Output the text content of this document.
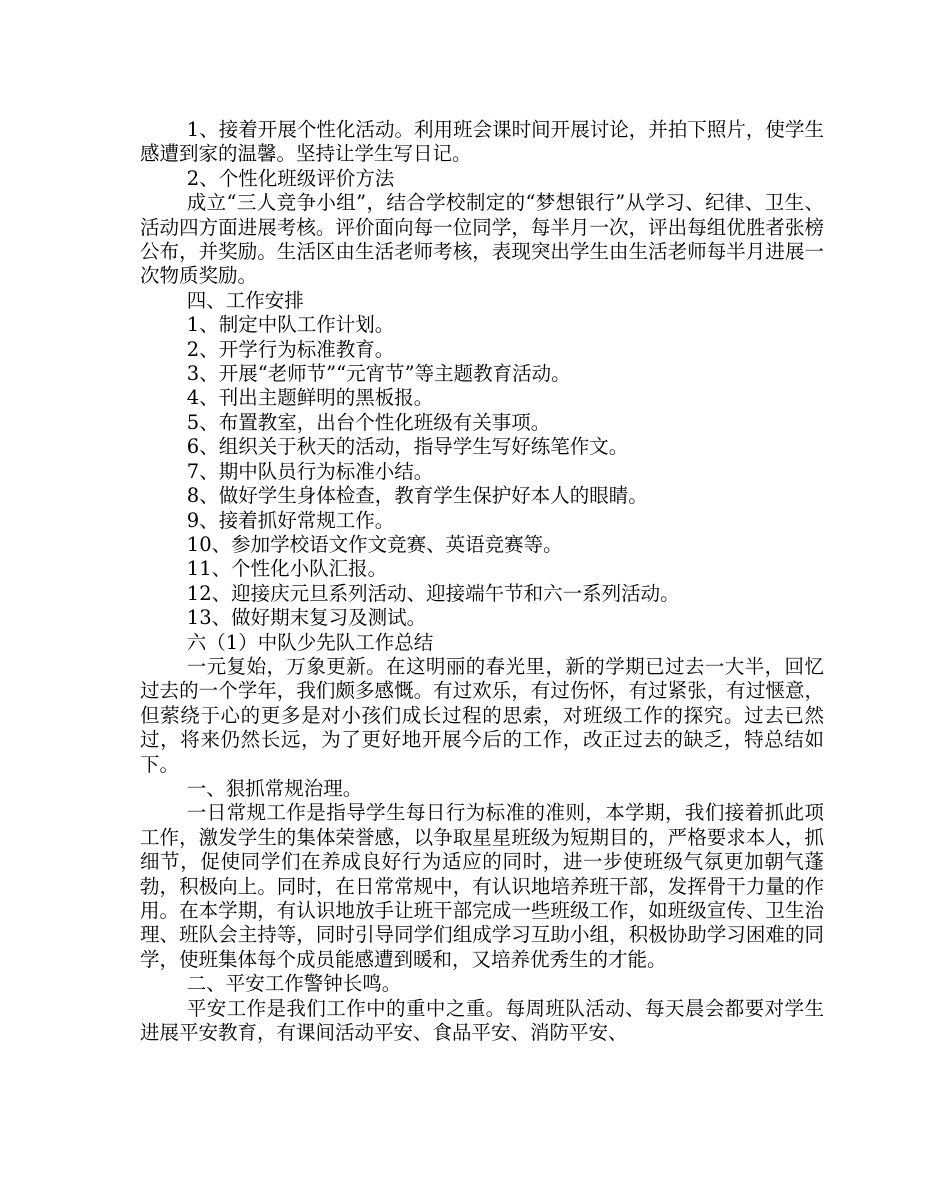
1、接着开展个性化活动。利用班会课时间开展讨论，并拍下照片，使学生感遭到家的温馨。坚持让学生写日记。

2、个性化班级评价方法

成立“三人竞争小组”，结合学校制定的“梦想银行”从学习、纪律、卫生、活动四方面进展考核。评价面向每一位同学，每半月一次，评出每组优胜者张榜公布，并奖励。生活区由生活老师考核，表现突出学生由生活老师每半月进展一次物质奖励。

四、工作安排

1、制定中队工作计划。

2、开学行为标准教育。

3、开展“老师节”“元宵节”等主题教育活动。

4、刊出主题鲜明的黑板报。

5、布置教室，出台个性化班级有关事项。

6、组织关于秋天的活动，指导学生写好练笔作文。

7、期中队员行为标准小结。

8、做好学生身体检查，教育学生保护好本人的眼睛。

9、接着抓好常规工作。

10、参加学校语文作文竞赛、英语竞赛等。

11、个性化小队汇报。

12、迎接庆元旦系列活动、迎接端午节和六一系列活动。

13、做好期末复习及测试。

六（1）中队少先队工作总结

一元复始，万象更新。在这明丽的春光里，新的学期已过去一大半，回忆过去的一个学年，我们颇多感慨。有过欢乐，有过伤怀，有过紧张，有过惬意，但萦绕于心的更多是对小孩们成长过程的思索，对班级工作的探究。过去已然过，将来仍然长远，为了更好地开展今后的工作，改正过去的缺乏，特总结如下。

一、狠抓常规治理。

一日常规工作是指导学生每日行为标准的准则，本学期，我们接着抓此项工作，激发学生的集体荣誉感，以争取星星班级为短期目的，严格要求本人，抓细节，促使同学们在养成良好行为适应的同时，进一步使班级气氛更加朝气蓬勃，积极向上。同时，在日常常规中，有认识地培养班干部，发挥骨干力量的作用。在本学期，有认识地放手让班干部完成一些班级工作，如班级宣传、卫生治理、班队会主持等，同时引导同学们组成学习互助小组，积极协助学习困难的同学，使班集体每个成员能感遭到暖和，又培养优秀生的才能。

二、平安工作警钟长鸣。

平安工作是我们工作中的重中之重。每周班队活动、每天晨会都要对学生进展平安教育，有课间活动平安、食品平安、消防平安、
